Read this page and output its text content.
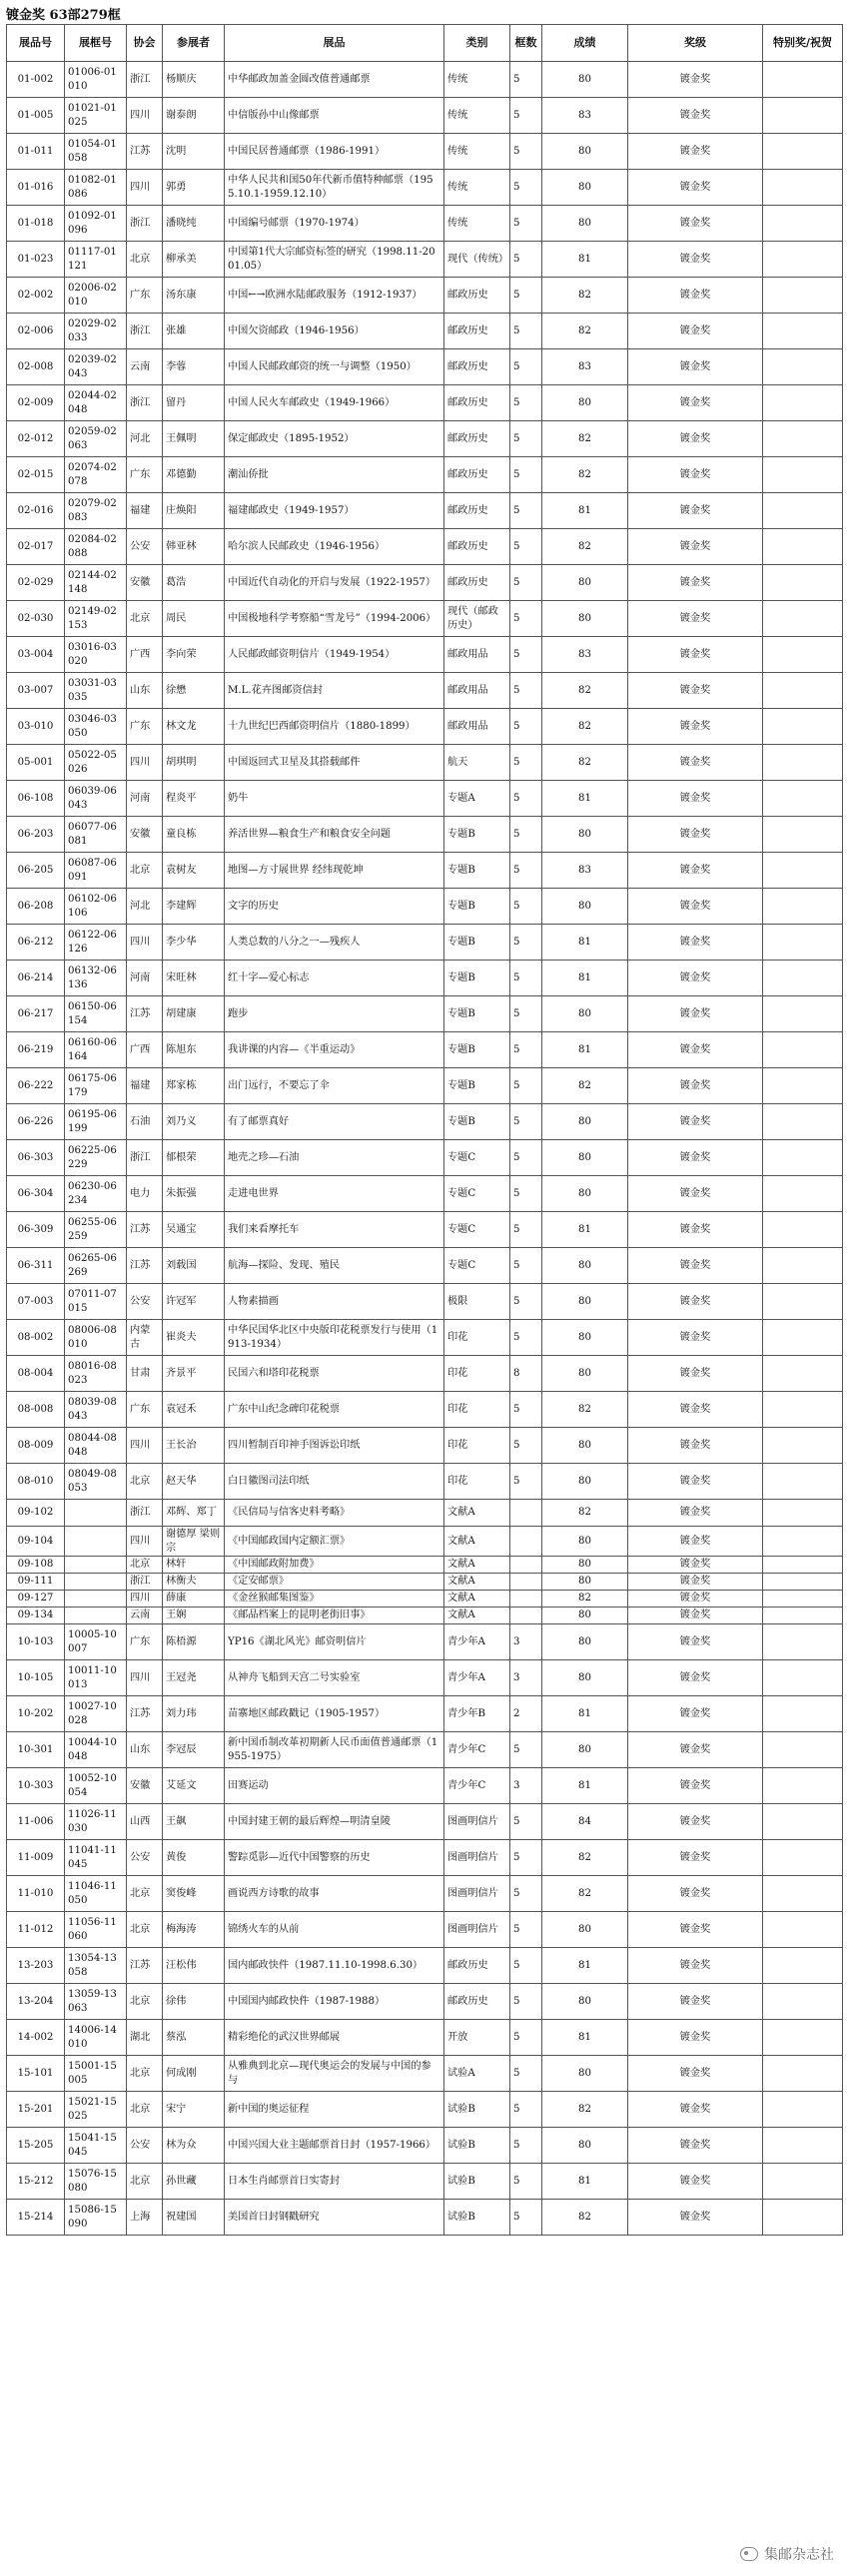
镀金奖 63部279框
展品号	展框号	协会	参展者	展品	类别	框数	成绩	奖级	特别奖/祝贺
01-002	01006-01010	浙江	杨顺庆	中华邮政加盖金圆改值普通邮票	传统	5	80	镀金奖	
01-005	01021-01025	四川	谢泰朗	中信版孙中山像邮票	传统	5	83	镀金奖	
01-011	01054-01058	江苏	沈明	中国民居普通邮票（1986-1991）	传统	5	80	镀金奖	
01-016	01082-01086	四川	郭勇	中华人民共和国50年代新币值特种邮票（1955.10.1-1959.12.10）	传统	5	80	镀金奖	
01-018	01092-01096	浙江	潘晓纯	中国编号邮票（1970-1974）	传统	5	80	镀金奖	
01-023	01117-01121	北京	柳承美	中国第1代大宗邮资标签的研究（1998.11-2001.05）	现代（传统）	5	81	镀金奖	
02-002	02006-02010	广东	汤东康	中国←→欧洲水陆邮政服务（1912-1937）	邮政历史	5	82	镀金奖	
02-006	02029-02033	浙江	张雄	中国欠资邮政（1946-1956）	邮政历史	5	82	镀金奖	
02-008	02039-02043	云南	李蓉	中国人民邮政邮资的统一与调整（1950）	邮政历史	5	83	镀金奖	
02-009	02044-02048	浙江	留丹	中国人民火车邮政史（1949-1966）	邮政历史	5	80	镀金奖	
02-012	02059-02063	河北	王佩明	保定邮政史（1895-1952）	邮政历史	5	82	镀金奖	
02-015	02074-02078	广东	邓德勤	潮汕侨批	邮政历史	5	82	镀金奖	
02-016	02079-02083	福建	庄焕阳	福建邮政史（1949-1957）	邮政历史	5	81	镀金奖	
02-017	02084-02088	公安	韩亚林	哈尔滨人民邮政史（1946-1956）	邮政历史	5	82	镀金奖	
02-029	02144-02148	安徽	葛浩	中国近代自动化的开启与发展（1922-1957）	邮政历史	5	80	镀金奖	
02-030	02149-02153	北京	周民	中国极地科学考察船“雪龙号”（1994-2006）	现代（邮政历史）	5	80	镀金奖	
03-004	03016-03020	广西	李向荣	人民邮政邮资明信片（1949-1954）	邮政用品	5	83	镀金奖	
03-007	03031-03035	山东	徐懋	M.L.花卉图邮资信封	邮政用品	5	82	镀金奖	
03-010	03046-03050	广东	林文龙	十九世纪巴西邮资明信片（1880-1899）	邮政用品	5	82	镀金奖	
05-001	05022-05026	四川	胡琪明	中国返回式卫星及其搭载邮件	航天	5	82	镀金奖	
06-108	06039-06043	河南	程炎平	奶牛	专题A	5	81	镀金奖	
06-203	06077-06081	安徽	童良栋	养活世界—粮食生产和粮食安全问题	专题B	5	80	镀金奖	
06-205	06087-06091	北京	袁树友	地图—方寸展世界 经纬现乾坤	专题B	5	83	镀金奖	
06-208	06102-06106	河北	李建辉	文字的历史	专题B	5	80	镀金奖	
06-212	06122-06126	四川	李少华	人类总数的八分之一—残疾人	专题B	5	81	镀金奖	
06-214	06132-06136	河南	宋旺林	红十字—爱心标志	专题B	5	81	镀金奖	
06-217	06150-06154	江苏	胡建康	跑步	专题B	5	80	镀金奖	
06-219	06160-06164	广西	陈旭东	我讲课的内容—《半重运动》	专题B	5	81	镀金奖	
06-222	06175-06179	福建	郑家栋	出门远行，不要忘了伞	专题B	5	82	镀金奖	
06-226	06195-06199	石油	刘乃义	有了邮票真好	专题B	5	80	镀金奖	
06-303	06225-06229	浙江	郁根荣	地壳之珍—石油	专题C	5	80	镀金奖	
06-304	06230-06234	电力	朱振强	走进电世界	专题C	5	80	镀金奖	
06-309	06255-06259	江苏	吴通宝	我们来看摩托车	专题C	5	81	镀金奖	
06-311	06265-06269	江苏	刘载国	航海—探险、发现、殖民	专题C	5	80	镀金奖	
07-003	07011-07015	公安	许冠军	人物素描画	极限	5	80	镀金奖	
08-002	08006-08010	内蒙古	崔炎夫	中华民国华北区中央版印花税票发行与使用（1913-1934）	印花	5	80	镀金奖	
08-004	08016-08023	甘肃	齐景平	民国六和塔印花税票	印花	8	80	镀金奖	
08-008	08039-08043	广东	袁冠禾	广东中山纪念碑印花税票	印花	5	82	镀金奖	
08-009	08044-08048	四川	王长治	四川暂制百印神手图诉讼印纸	印花	5	80	镀金奖	
08-010	08049-08053	北京	赵天华	白日徽图司法印纸	印花	5	80	镀金奖	
09-102		浙江	邓辉、郑丁	《民信局与信客史料考略》	文献A		82	镀金奖	
09-104		四川	谢德厚 梁则宗	《中国邮政国内定额汇票》	文献A		80	镀金奖	
09-108		北京	林轩	《中国邮政附加费》	文献A		80	镀金奖	
09-111		浙江	林衡夫	《定安邮票》	文献A		80	镀金奖	
09-127		四川	薛康	《金丝猴邮集图鉴》	文献A		82	镀金奖	
09-134		云南	王娴	《邮品档案上的昆明老街旧事》	文献A		80	镀金奖	
10-103	10005-10007	广东	陈梧源	YP16《湖北风光》邮资明信片	青少年A	3	80	镀金奖	
10-105	10011-10013	四川	王冠尧	从神舟飞船到天宫二号实验室	青少年A	3	80	镀金奖	
10-202	10027-10028	江苏	刘力玮	苗寨地区邮政戳记（1905-1957）	青少年B	2	81	镀金奖	
10-301	10044-10048	山东	李冠辰	新中国币制改革初期新人民币面值普通邮票（1955-1975）	青少年C	5	80	镀金奖	
10-303	10052-10054	安徽	艾延文	田赛运动	青少年C	3	81	镀金奖	
11-006	11026-11030	山西	王飙	中国封建王朝的最后辉煌—明清皇陵	图画明信片	5	84	镀金奖	
11-009	11041-11045	公安	黄俊	警踪觅影—近代中国警察的历史	图画明信片	5	82	镀金奖	
11-010	11046-11050	北京	窦俊峰	画说西方诗歌的故事	图画明信片	5	82	镀金奖	
11-012	11056-11060	北京	梅海涛	锦绣火车的从前	图画明信片	5	80	镀金奖	
13-203	13054-13058	江苏	汪松伟	国内邮政快件（1987.11.10-1998.6.30）	邮政历史	5	81	镀金奖	
13-204	13059-13063	北京	徐伟	中国国内邮政快件（1987-1988）	邮政历史	5	80	镀金奖	
14-002	14006-14010	湖北	蔡泓	精彩绝伦的武汉世界邮展	开放	5	81	镀金奖	
15-101	15001-15005	北京	何成刚	从雅典到北京—现代奥运会的发展与中国的参与	试验A	5	80	镀金奖	
15-201	15021-15025	北京	宋宁	新中国的奥运征程	试验B	5	82	镀金奖	
15-205	15041-15045	公安	林为众	中国兴国大业主题邮票首日封（1957-1966）	试验B	5	80	镀金奖	
15-212	15076-15080	北京	孙世藏	日本生肖邮票首日实寄封	试验B	5	81	镀金奖	
15-214	15086-15090	上海	祝建国	美国首日封钢戳研究	试验B	5	82	镀金奖	
集邮杂志社
